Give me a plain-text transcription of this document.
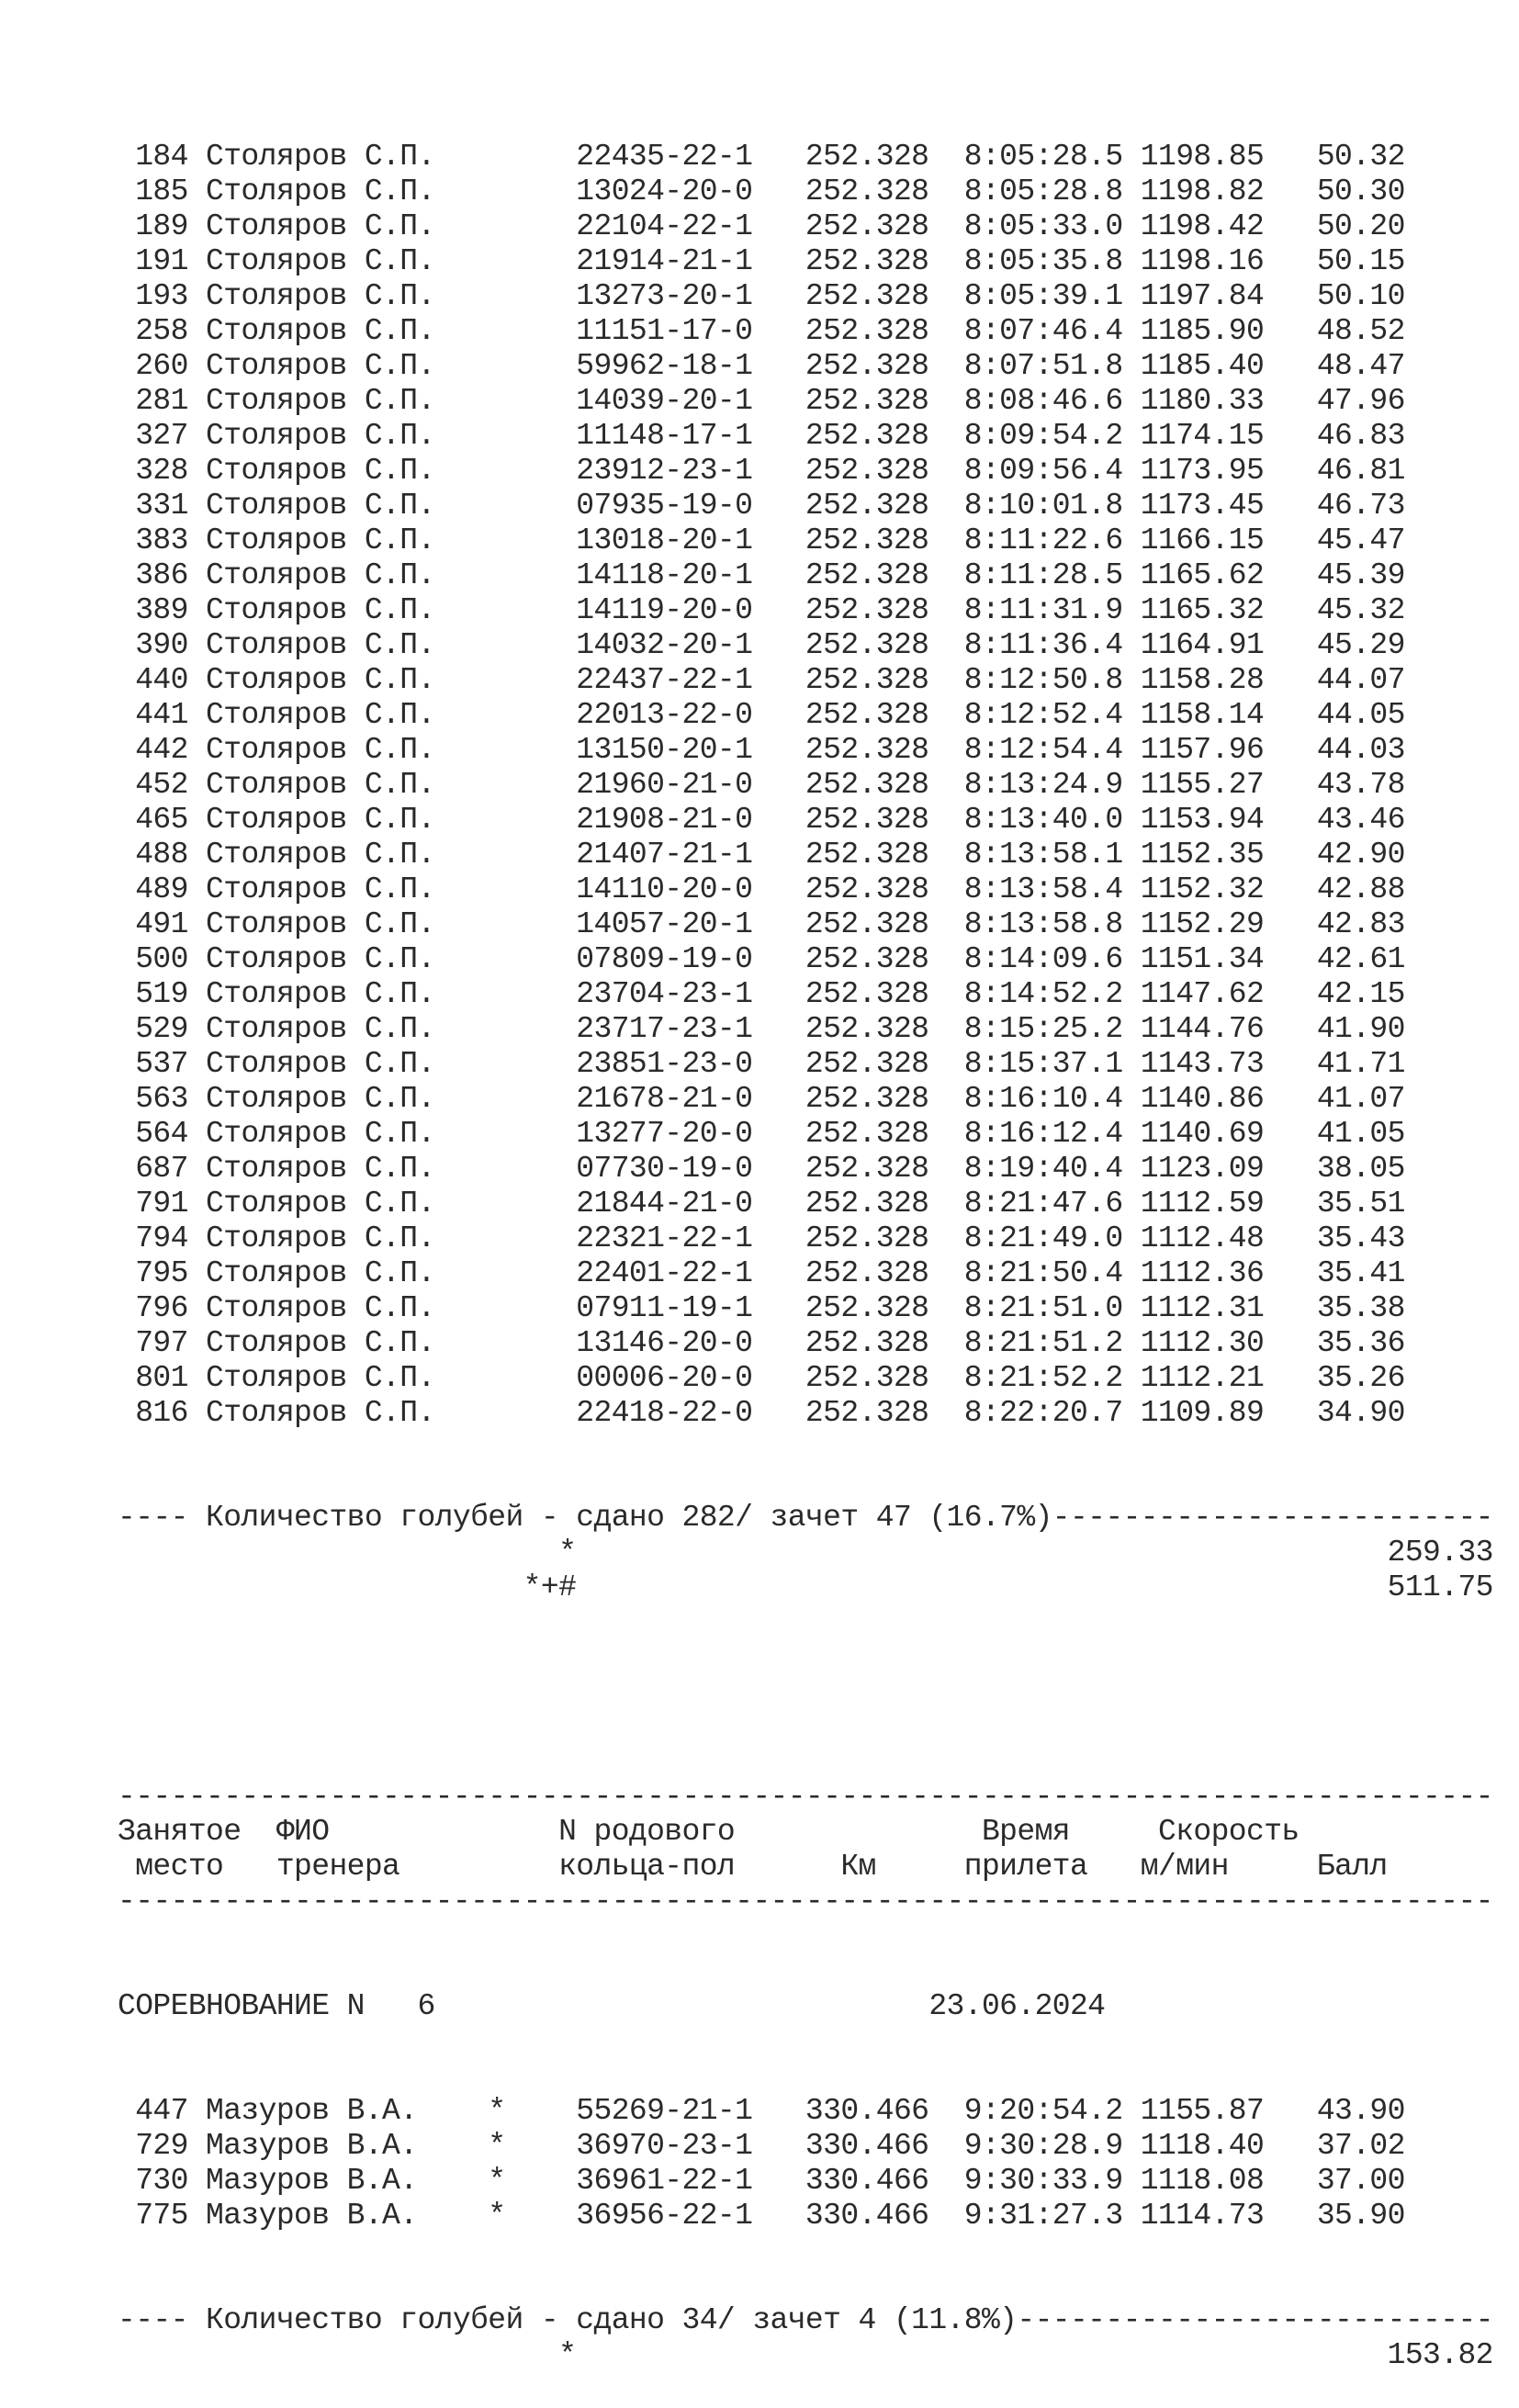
184 Столяров С.П.        22435-22-1   252.328  8:05:28.5 1198.85   50.32
185 Столяров С.П.        13024-20-0   252.328  8:05:28.8 1198.82   50.30
189 Столяров С.П.        22104-22-1   252.328  8:05:33.0 1198.42   50.20
191 Столяров С.П.        21914-21-1   252.328  8:05:35.8 1198.16   50.15
193 Столяров С.П.        13273-20-1   252.328  8:05:39.1 1197.84   50.10
258 Столяров С.П.        11151-17-0   252.328  8:07:46.4 1185.90   48.52
260 Столяров С.П.        59962-18-1   252.328  8:07:51.8 1185.40   48.47
281 Столяров С.П.        14039-20-1   252.328  8:08:46.6 1180.33   47.96
327 Столяров С.П.        11148-17-1   252.328  8:09:54.2 1174.15   46.83
328 Столяров С.П.        23912-23-1   252.328  8:09:56.4 1173.95   46.81
331 Столяров С.П.        07935-19-0   252.328  8:10:01.8 1173.45   46.73
383 Столяров С.П.        13018-20-1   252.328  8:11:22.6 1166.15   45.47
386 Столяров С.П.        14118-20-1   252.328  8:11:28.5 1165.62   45.39
389 Столяров С.П.        14119-20-0   252.328  8:11:31.9 1165.32   45.32
390 Столяров С.П.        14032-20-1   252.328  8:11:36.4 1164.91   45.29
440 Столяров С.П.        22437-22-1   252.328  8:12:50.8 1158.28   44.07
441 Столяров С.П.        22013-22-0   252.328  8:12:52.4 1158.14   44.05
442 Столяров С.П.        13150-20-1   252.328  8:12:54.4 1157.96   44.03
452 Столяров С.П.        21960-21-0   252.328  8:13:24.9 1155.27   43.78
465 Столяров С.П.        21908-21-0   252.328  8:13:40.0 1153.94   43.46
488 Столяров С.П.        21407-21-1   252.328  8:13:58.1 1152.35   42.90
489 Столяров С.П.        14110-20-0   252.328  8:13:58.4 1152.32   42.88
491 Столяров С.П.        14057-20-1   252.328  8:13:58.8 1152.29   42.83
500 Столяров С.П.        07809-19-0   252.328  8:14:09.6 1151.34   42.61
519 Столяров С.П.        23704-23-1   252.328  8:14:52.2 1147.62   42.15
529 Столяров С.П.        23717-23-1   252.328  8:15:25.2 1144.76   41.90
537 Столяров С.П.        23851-23-0   252.328  8:15:37.1 1143.73   41.71
563 Столяров С.П.        21678-21-0   252.328  8:16:10.4 1140.86   41.07
564 Столяров С.П.        13277-20-0   252.328  8:16:12.4 1140.69   41.05
687 Столяров С.П.        07730-19-0   252.328  8:19:40.4 1123.09   38.05
791 Столяров С.П.        21844-21-0   252.328  8:21:47.6 1112.59   35.51
794 Столяров С.П.        22321-22-1   252.328  8:21:49.0 1112.48   35.43
795 Столяров С.П.        22401-22-1   252.328  8:21:50.4 1112.36   35.41
796 Столяров С.П.        07911-19-1   252.328  8:21:51.0 1112.31   35.38
797 Столяров С.П.        13146-20-0   252.328  8:21:51.2 1112.30   35.36
801 Столяров С.П.        00006-20-0   252.328  8:21:52.2 1112.21   35.26
816 Столяров С.П.        22418-22-0   252.328  8:22:20.7 1109.89   34.90

---- Количество голубей - сдано 282/ зачет 47 (16.7%)-------------------------
*                                              259.33
*+#                                              511.75

------------------------------------------------------------------------------
Занятое  ФИО             N родового              Время     Скорость
место   тренера         кольца-пол      Км     прилета   м/мин     Балл
------------------------------------------------------------------------------

СОРЕВНОВАНИЕ N   6                            23.06.2024

447 Мазуров В.А.    *    55269-21-1   330.466  9:20:54.2 1155.87   43.90
729 Мазуров В.А.    *    36970-23-1   330.466  9:30:28.9 1118.40   37.02
730 Мазуров В.А.    *    36961-22-1   330.466  9:30:33.9 1118.08   37.00
775 Мазуров В.А.    *    36956-22-1   330.466  9:31:27.3 1114.73   35.90

---- Количество голубей - сдано 34/ зачет 4 (11.8%)---------------------------
*                                              153.82
